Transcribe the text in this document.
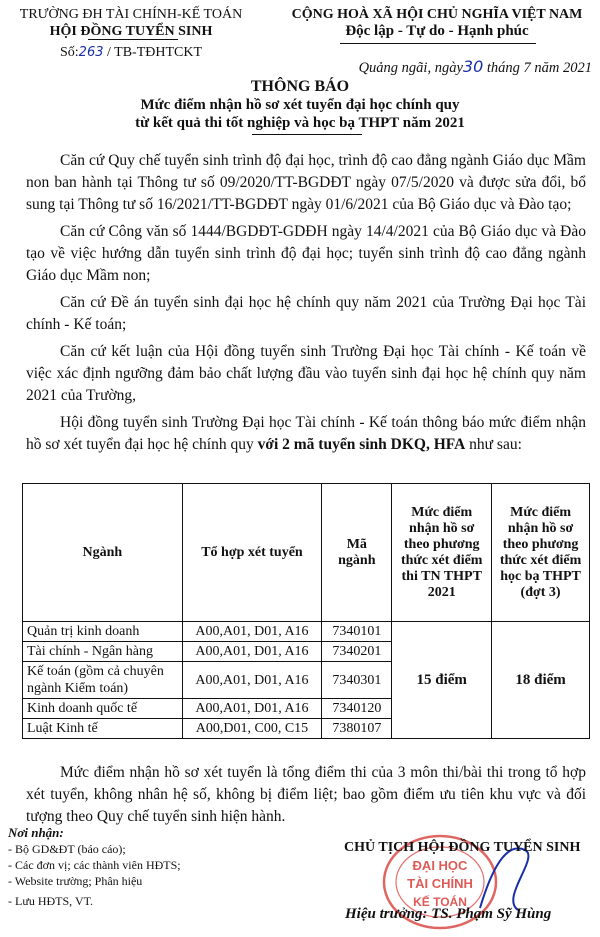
TRƯỜNG ĐH TÀI CHÍNH-KẾ TOÁN
HỘI ĐỒNG TUYỂN SINH
Số:263 / TB-TĐHTCKT
CỘNG HOÀ XÃ HỘI CHỦ NGHĨA VIỆT NAM
Độc lập - Tự do - Hạnh phúc
Quảng ngãi, ngày30 tháng 7 năm 2021
THÔNG BÁO
Mức điểm nhận hồ sơ xét tuyển đại học chính quy
từ kết quả thi tốt nghiệp và học bạ THPT năm 2021

Căn cứ Quy chế tuyển sinh trình độ đại học, trình độ cao đẳng ngành Giáo dục Mầm non ban hành tại Thông tư số 09/2020/TT-BGDĐT ngày 07/5/2020 và được sửa đổi, bổ sung tại Thông tư số 16/2021/TT-BGDĐT ngày 01/6/2021 của Bộ Giáo dục và Đào tạo;

Căn cứ Công văn số 1444/BGDĐT-GDĐH ngày 14/4/2021 của Bộ Giáo dục và Đào tạo về việc hướng dẫn tuyển sinh trình độ đại học; tuyển sinh trình độ cao đẳng ngành Giáo dục Mầm non;

Căn cứ Đề án tuyển sinh đại học hệ chính quy năm 2021 của Trường Đại học Tài chính - Kế toán;

Căn cứ kết luận của Hội đồng tuyển sinh Trường Đại học Tài chính - Kế toán về việc xác định ngưỡng đảm bảo chất lượng đầu vào tuyển sinh đại học hệ chính quy năm 2021 của Trường,

Hội đồng tuyển sinh Trường Đại học Tài chính - Kế toán thông báo mức điểm nhận hồ sơ xét tuyển đại học hệ chính quy với 2 mã tuyển sinh DKQ, HFA như sau:

Ngành	Tổ hợp xét tuyển	Mã ngành	Mức điểm nhận hồ sơ theo phương thức xét điểm thi TN THPT 2021	Mức điểm nhận hồ sơ theo phương thức xét điểm học bạ THPT (đợt 3)
Quản trị kinh doanh	A00,A01, D01, A16	7340101	15 điểm	18 điểm
Tài chính - Ngân hàng	A00,A01, D01, A16	7340201		
Kế toán (gồm cả chuyên ngành Kiểm toán)	A00,A01, D01, A16	7340301		
Kinh doanh quốc tế	A00,A01, D01, A16	7340120		
Luật Kinh tế	A00,D01, C00, C15	7380107		

Mức điểm nhận hồ sơ xét tuyển là tổng điểm thi của 3 môn thi/bài thi trong tổ hợp xét tuyển, không nhân hệ số, không bị điểm liệt; bao gồm điểm ưu tiên khu vực và đối tượng theo Quy chế tuyển sinh hiện hành.

Nơi nhận:
- Bộ GD&ĐT (báo cáo);
- Các đơn vị; các thành viên HĐTS;
- Website trường; Phân hiệu
- Lưu HĐTS, VT.
ĐẠI HỌC
TÀI CHÍNH
KẾ TOÁN
CHỦ TỊCH HỘI ĐỒNG TUYỂN SINH
Hiệu trưởng: TS. Phạm Sỹ Hùng
